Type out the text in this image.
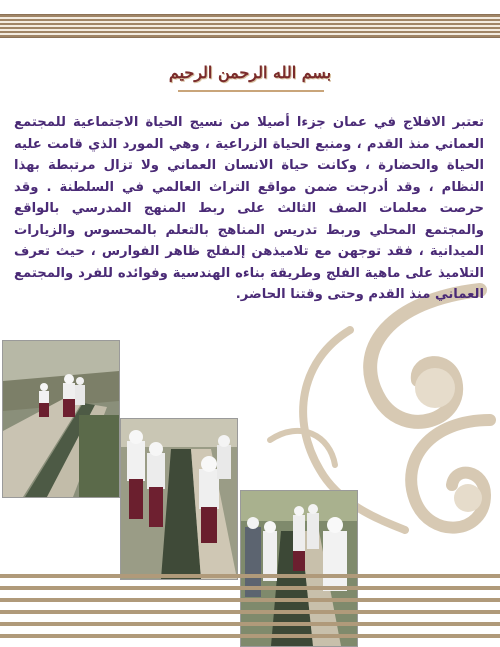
بسم الله الرحمن الرحيم
تعتبر الافلاج في عمان جزءا أصيلا من نسيج الحياة الاجتماعية للمجتمع العماني منذ القدم ، ومنبع الحياة الزراعية ، وهي المورد الذي قامت عليه الحياة والحضارة ، وكانت حياة الانسان العماني ولا تزال مرتبطة بهذا النظام ، وقد أدرجت ضمن مواقع التراث العالمي في السلطنة . وقد حرصت معلمات الصف الثالث على ربط المنهج المدرسي بالواقع والمجتمع المحلي وربط تدريس المناهج بالتعلم بالمحسوس والزيارات الميدانية ، فقد توجهن مع تلاميذهن إلىفلج ظاهر الفوارس ، حيث تعرف التلاميذ على ماهية الفلج وطريقة بناءه الهندسية وفوائده للفرد والمجتمع العماني منذ القدم وحتى وقتنا الحاضر.
